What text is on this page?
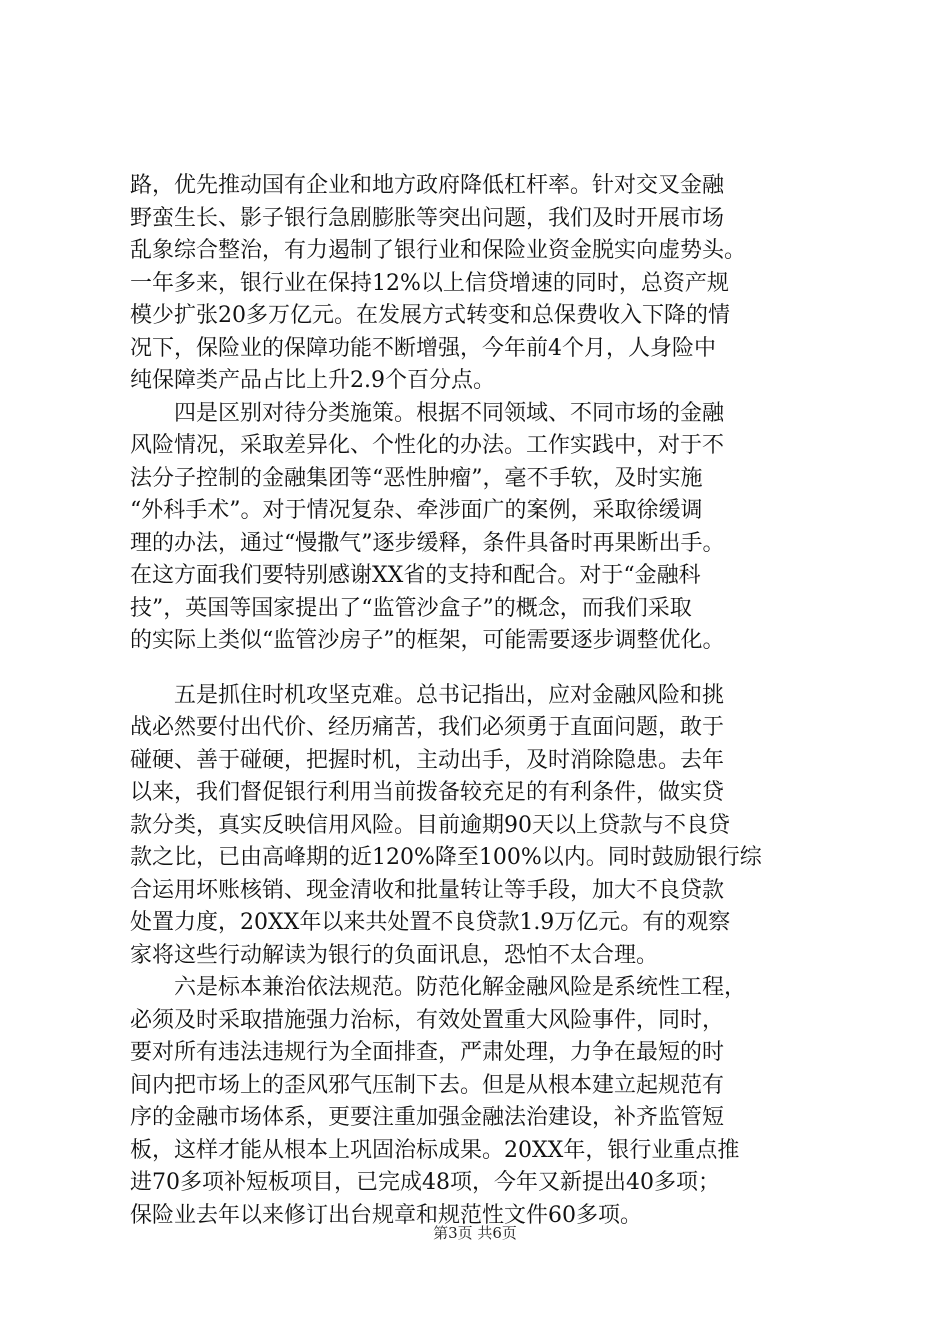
路，优先推动国有企业和地方政府降低杠杆率。针对交叉金融
野蛮生长、影子银行急剧膨胀等突出问题，我们及时开展市场
乱象综合整治，有力遏制了银行业和保险业资金脱实向虚势头。
一年多来，银行业在保持12%以上信贷增速的同时，总资产规
模少扩张20多万亿元。在发展方式转变和总保费收入下降的情
况下，保险业的保障功能不断增强，今年前4个月，人身险中
纯保障类产品占比上升2.9个百分点。
四是区别对待分类施策。根据不同领域、不同市场的金融
风险情况，采取差异化、个性化的办法。工作实践中，对于不
法分子控制的金融集团等“恶性肿瘤”，毫不手软，及时实施
“外科手术”。对于情况复杂、牵涉面广的案例，采取徐缓调
理的办法，通过“慢撒气”逐步缓释，条件具备时再果断出手。
在这方面我们要特别感谢XX省的支持和配合。对于“金融科
技”，英国等国家提出了“监管沙盒子”的概念，而我们采取
的实际上类似“监管沙房子”的框架，可能需要逐步调整优化。
五是抓住时机攻坚克难。总书记指出，应对金融风险和挑
战必然要付出代价、经历痛苦，我们必须勇于直面问题，敢于
碰硬、善于碰硬，把握时机，主动出手，及时消除隐患。去年
以来，我们督促银行利用当前拨备较充足的有利条件，做实贷
款分类，真实反映信用风险。目前逾期90天以上贷款与不良贷
款之比，已由高峰期的近120%降至100%以内。同时鼓励银行综
合运用坏账核销、现金清收和批量转让等手段，加大不良贷款
处置力度，20XX年以来共处置不良贷款1.9万亿元。有的观察
家将这些行动解读为银行的负面讯息，恐怕不太合理。
六是标本兼治依法规范。防范化解金融风险是系统性工程，
必须及时采取措施强力治标，有效处置重大风险事件，同时，
要对所有违法违规行为全面排查，严肃处理，力争在最短的时
间内把市场上的歪风邪气压制下去。但是从根本建立起规范有
序的金融市场体系，更要注重加强金融法治建设，补齐监管短
板，这样才能从根本上巩固治标成果。20XX年，银行业重点推
进70多项补短板项目，已完成48项，今年又新提出40多项；
保险业去年以来修订出台规章和规范性文件60多项。
第3页 共6页
